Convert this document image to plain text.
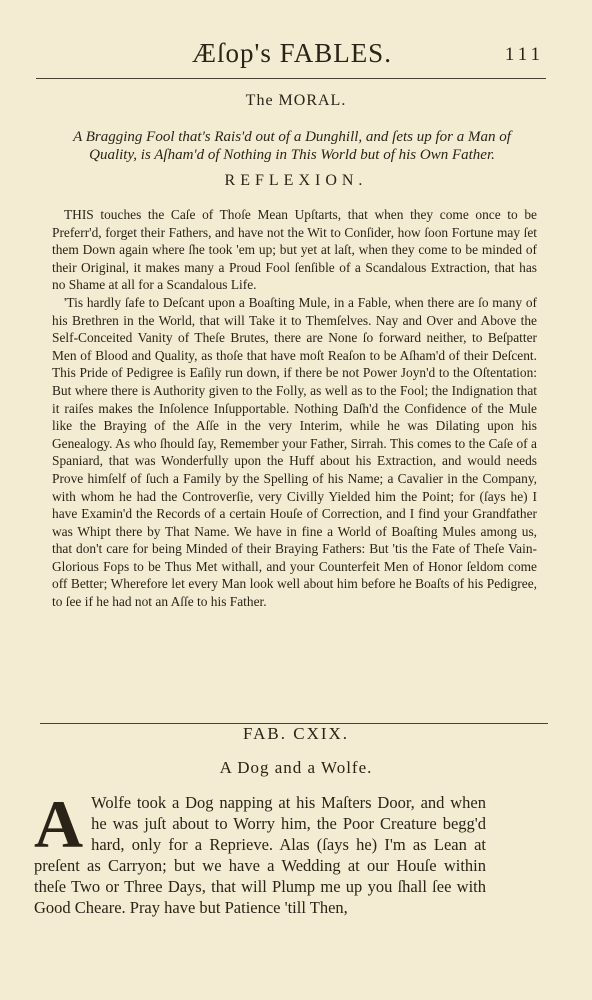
Æſop's FABLES.	111
The MORAL.
A Bragging Fool that's Rais'd out of a Dunghill, and ſets up for a Man of Quality, is Aſham'd of Nothing in This World but of his Own Father.
REFLEXION.

THIS touches the Caſe of Thoſe Mean Upſtarts, that when they come once to be Preferr'd, forget their Fathers, and have not the Wit to Conſider, how ſoon Fortune may ſet them Down again where ſhe took 'em up; but yet at laſt, when they come to be minded of their Original, it makes many a Proud Fool ſenſible of a Scandalous Extraction, that has no Shame at all for a Scandalous Life.

'Tis hardly ſafe to Deſcant upon a Boaſting Mule, in a Fable, when there are ſo many of his Brethren in the World, that will Take it to Themſelves. Nay and Over and Above the Self-Conceited Vanity of Theſe Brutes, there are None ſo forward neither, to Beſpatter Men of Blood and Quality, as thoſe that have moſt Reaſon to be Aſham'd of their Deſcent. This Pride of Pedigree is Eaſily run down, if there be not Power Joyn'd to the Oſtentation: But where there is Authority given to the Folly, as well as to the Fool; the Indignation that it raiſes makes the Inſolence Inſupportable. Nothing Daſh'd the Confidence of the Mule like the Braying of the Aſſe in the very Interim, while he was Dilating upon his Genealogy. As who ſhould ſay, Remember your Father, Sirrah. This comes to the Caſe of a Spaniard, that was Wonderfully upon the Huff about his Extraction, and would needs Prove himſelf of ſuch a Family by the Spelling of his Name; a Cavalier in the Company, with whom he had the Controverſie, very Civilly Yielded him the Point; for (ſays he) I have Examin'd the Records of a certain Houſe of Correction, and I find your Grandfather was Whipt there by That Name. We have in fine a World of Boaſting Mules among us, that don't care for being Minded of their Braying Fathers: But 'tis the Fate of Theſe Vain-Glorious Fops to be Thus Met withall, and your Counterfeit Men of Honor ſeldom come off Better; Wherefore let every Man look well about him before he Boaſts of his Pedigree, to ſee if he had not an Aſſe to his Father.

FAB. CXIX.
A Dog and a Wolfe.
A Wolfe took a Dog napping at his Maſters Door, and when he was juſt about to Worry him, the Poor Creature begg'd hard, only for a Reprieve. Alas (ſays he) I'm as Lean at preſent as Carryon; but we have a Wedding at our Houſe within theſe Two or Three Days, that will Plump me up you ſhall ſee with Good Cheare. Pray have but Patience 'till Then,
